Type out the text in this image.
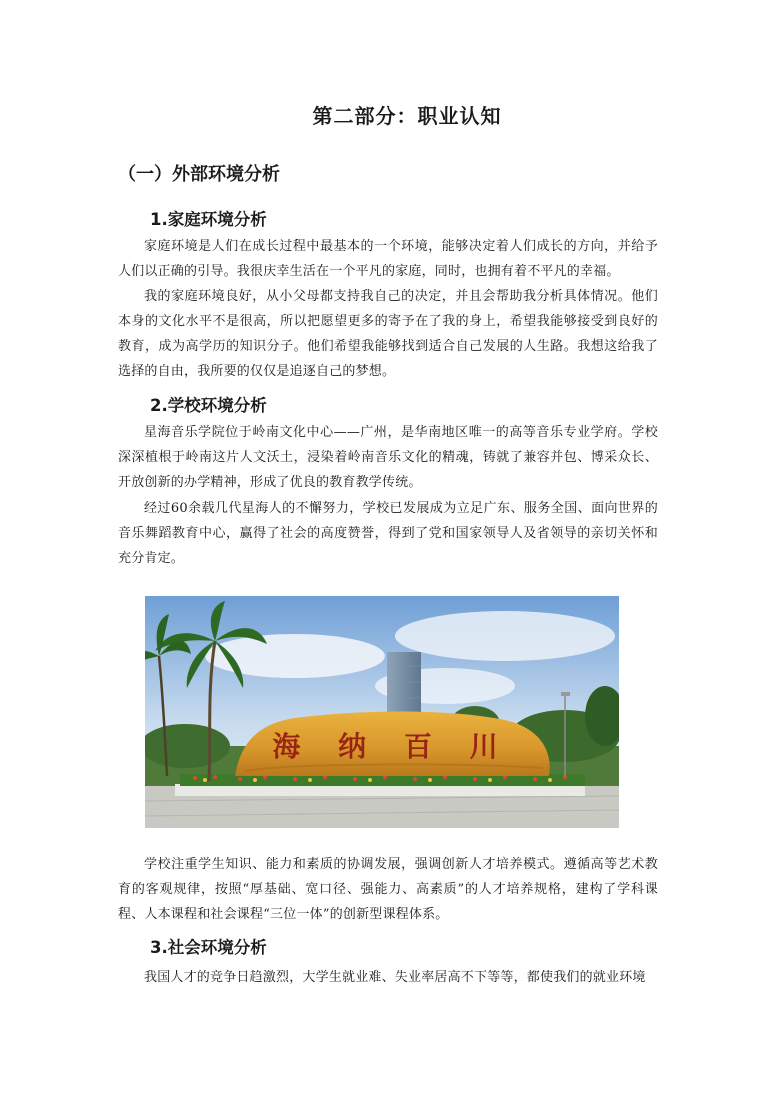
第二部分：职业认知
（一）外部环境分析
1.家庭环境分析

家庭环境是人们在成长过程中最基本的一个环境，能够决定着人们成长的方向，并给予人们以正确的引导。我很庆幸生活在一个平凡的家庭，同时，也拥有着不平凡的幸福。

我的家庭环境良好，从小父母都支持我自己的决定，并且会帮助我分析具体情况。他们本身的文化水平不是很高，所以把愿望更多的寄予在了我的身上，希望我能够接受到良好的教育，成为高学历的知识分子。他们希望我能够找到适合自己发展的人生路。我想这给我了选择的自由，我所要的仅仅是追逐自己的梦想。

2.学校环境分析

星海音乐学院位于岭南文化中心——广州，是华南地区唯一的高等音乐专业学府。学校深深植根于岭南这片人文沃土，浸染着岭南音乐文化的精魂，铸就了兼容并包、博采众长、开放创新的办学精神，形成了优良的教育教学传统。

经过60余载几代星海人的不懈努力，学校已发展成为立足广东、服务全国、面向世界的音乐舞蹈教育中心，赢得了社会的高度赞誉，得到了党和国家领导人及省领导的亲切关怀和充分肯定。

海 纳 百 川

学校注重学生知识、能力和素质的协调发展，强调创新人才培养模式。遵循高等艺术教育的客观规律，按照“厚基础、宽口径、强能力、高素质”的人才培养规格，建构了学科课程、人本课程和社会课程“三位一体”的创新型课程体系。

3.社会环境分析

我国人才的竞争日趋激烈，大学生就业难、失业率居高不下等等，都使我们的就业环境
